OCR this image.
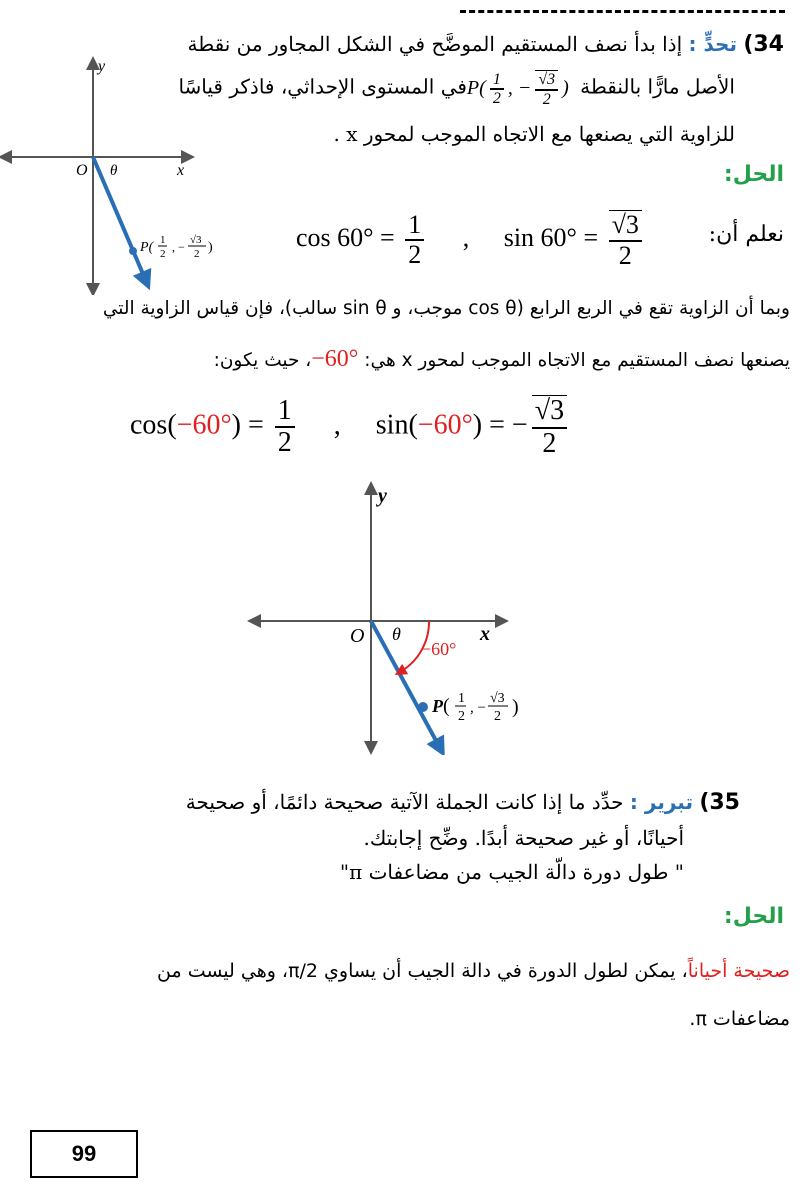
34) تحدٍّ : إذا بدأ نصف المستقيم الموضَّح في الشكل المجاور من نقطة
الأصل مارًّا بالنقطة $P( \frac{1}{2}$ , − $\frac{√3}{2}$ ) في المستوى الإحداثي، فاذكر قياسًا
للزاوية التي يصنعها مع الاتجاه الموجب لمحور x .
y
x
O θ
P( 1
2 , − √3
2 )
الحل:
نعلم أن:
$\cos 60^\circ = \frac{1}{2}$ , $\sin 60^\circ = \frac{√3}{2}$
وبما أن الزاوية تقع في الربع الرابع (cos θ موجب، و sin θ سالب)، فإن قياس الزاوية التي
يصنعها نصف المستقيم مع الاتجاه الموجب لمحور x هي: −60°، حيث يكون:
$\cos(-60^\circ) = \frac{1}{2}$ , sin(−60°) = − $\frac{√3}{2}$
y
x
O θ
−60°
P( 1
2
, −
√3
2 )
35) تبرير : حدِّد ما إذا كانت الجملة الآتية صحيحة دائمًا، أو صحيحة
أحيانًا، أو غير صحيحة أبدًا. وضِّح إجابتك.
" طول دورة دالّة الجيب من مضاعفات π"
الحل:
صحيحة أحياناً، يمكن لطول الدورة في دالة الجيب أن يساوي π/2، وهي ليست من
مضاعفات π.
99
